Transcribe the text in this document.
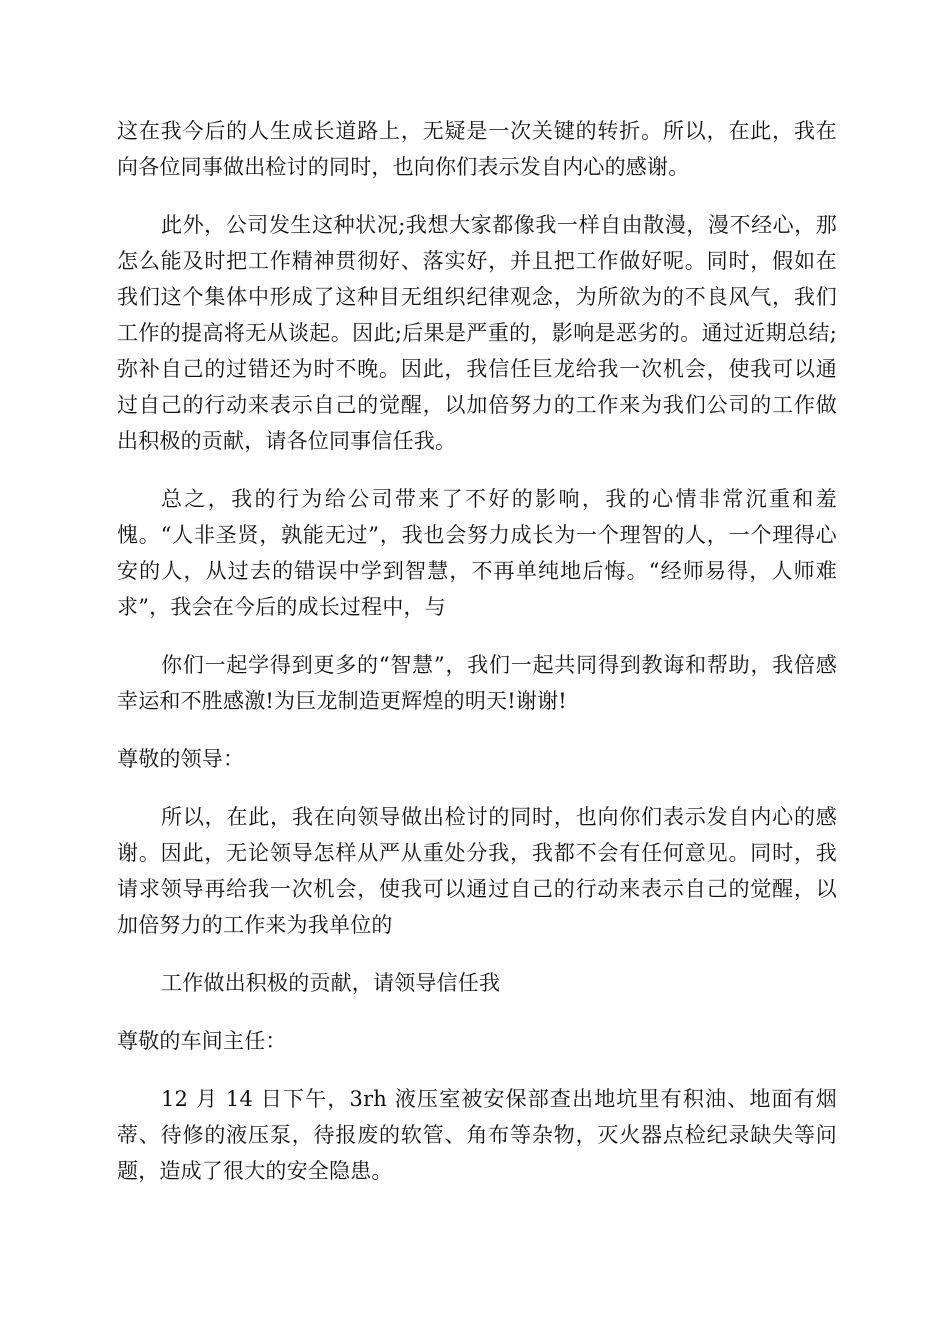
这在我今后的人生成长道路上，无疑是一次关键的转折。所以，在此，我在向各位同事做出检讨的同时，也向你们表示发自内心的感谢。

此外，公司发生这种状况;我想大家都像我一样自由散漫，漫不经心，那怎么能及时把工作精神贯彻好、落实好，并且把工作做好呢。同时，假如在我们这个集体中形成了这种目无组织纪律观念，为所欲为的不良风气，我们工作的提高将无从谈起。因此;后果是严重的，影响是恶劣的。通过近期总结;弥补自己的过错还为时不晚。因此，我信任巨龙给我一次机会，使我可以通过自己的行动来表示自己的觉醒，以加倍努力的工作来为我们公司的工作做出积极的贡献，请各位同事信任我。

总之，我的行为给公司带来了不好的影响，我的心情非常沉重和羞愧。“人非圣贤，孰能无过”，我也会努力成长为一个理智的人，一个理得心安的人，从过去的错误中学到智慧，不再单纯地后悔。“经师易得，人师难求”，我会在今后的成长过程中，与

你们一起学得到更多的“智慧”，我们一起共同得到教诲和帮助，我倍感幸运和不胜感激!为巨龙制造更辉煌的明天!谢谢!

尊敬的领导：

所以，在此，我在向领导做出检讨的同时，也向你们表示发自内心的感谢。因此，无论领导怎样从严从重处分我，我都不会有任何意见。同时，我请求领导再给我一次机会，使我可以通过自己的行动来表示自己的觉醒，以加倍努力的工作来为我单位的

工作做出积极的贡献，请领导信任我

尊敬的车间主任：

12 月 14 日下午，3rh 液压室被安保部查出地坑里有积油、地面有烟蒂、待修的液压泵，待报废的软管、角布等杂物，灭火器点检纪录缺失等问题，造成了很大的安全隐患。
